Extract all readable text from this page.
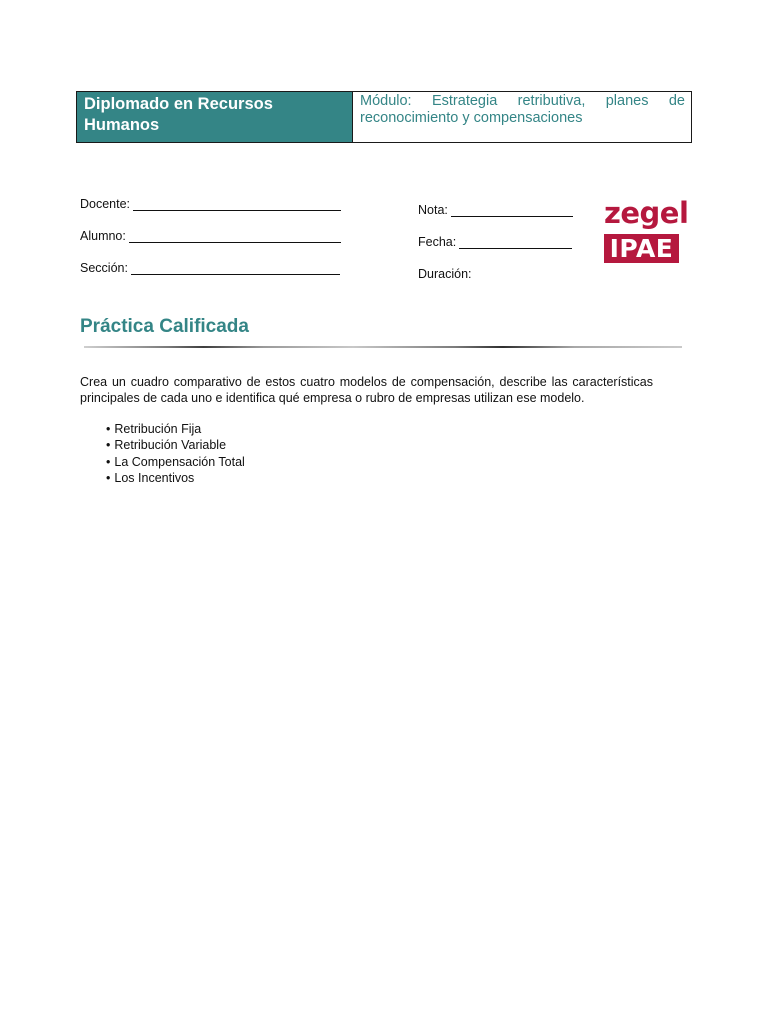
Diplomado en Recursos Humanos
Módulo: Estrategia retributiva, planes de reconocimiento y compensaciones
Docente:
Alumno:
Sección:
Nota:
Fecha:
Duración:
zegel
IPAE
Práctica Calificada
Crea un cuadro comparativo de estos cuatro modelos de compensación, describe las características principales de cada uno e identifica qué empresa o rubro de empresas utilizan ese modelo.
• Retribución Fija
• Retribución Variable
• La Compensación Total
• Los Incentivos
